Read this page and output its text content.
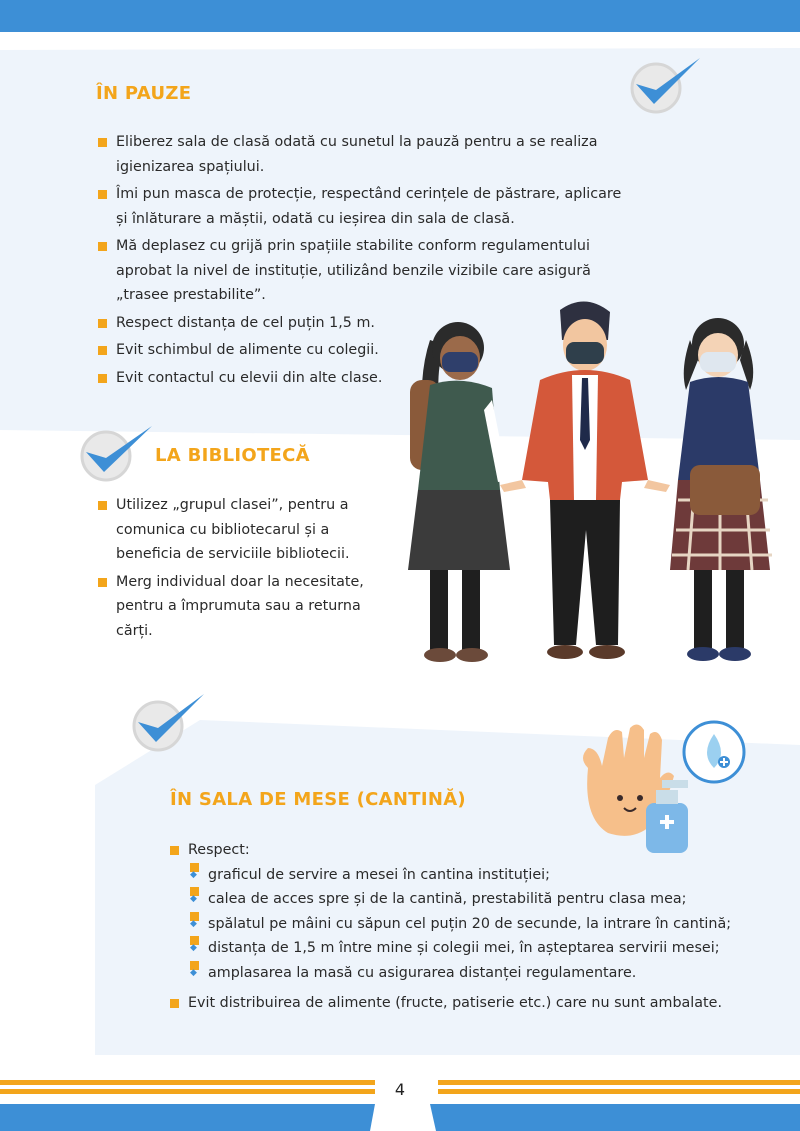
ÎN PAUZE
Eliberez sala de clasă odată cu sunetul la pauză pentru a se realiza igienizarea spațiului.
Îmi pun masca de protecție, respectând cerințele de păstrare, aplicare și înlăturare a măștii, odată cu ieșirea din sala de clasă.
Mă deplasez cu grijă prin spațiile stabilite conform regulamentului aprobat la nivel de instituție, utilizând benzile vizibile care asigură „trasee prestabilite”.
Respect distanța de cel puțin 1,5 m.
Evit schimbul de alimente cu colegii.
Evit contactul cu elevii din alte clase.
LA BIBLIOTECĂ
Utilizez „grupul clasei”, pentru a comunica cu bibliotecarul și a beneficia de serviciile bibliotecii.
Merg individual doar la necesitate, pentru a împrumuta sau a returna cărți.
ÎN SALA DE MESE (CANTINĂ)
Respect:
◆ graficul de servire a mesei în cantina instituției;
◆ calea de acces spre și de la cantină, prestabilită pentru clasa mea;
◆ spălatul pe mâini cu săpun cel puțin 20 de secunde, la intrare în cantină;
◆ distanța de 1,5 m între mine și colegii mei, în așteptarea servirii mesei;
◆ amplasarea la masă cu asigurarea distanței regulamentare.
Evit distribuirea de alimente (fructe, patiserie etc.) care nu sunt ambalate.
4
